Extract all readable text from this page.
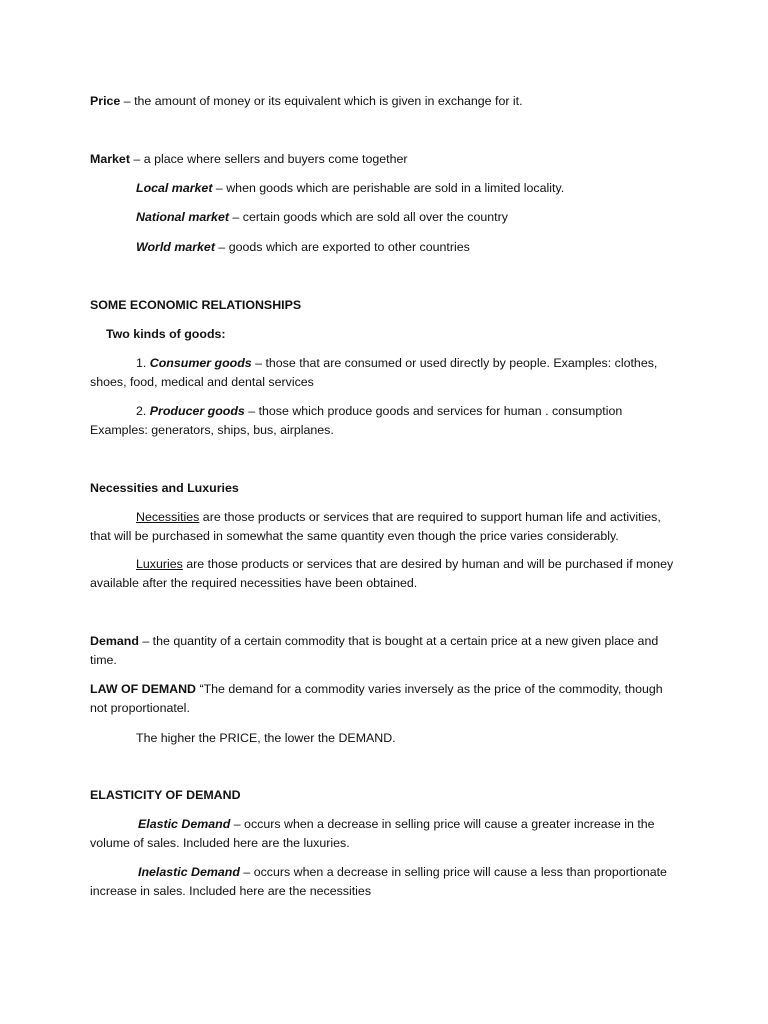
Price – the amount of money or its equivalent which is given in exchange for it.

Market – a place where sellers and buyers come together

Local market – when goods which are perishable are sold in a limited locality.

National market – certain goods which are sold all over the country

World market – goods which are exported to other countries

SOME ECONOMIC RELATIONSHIPS

Two kinds of goods:

1. Consumer goods – those that are consumed or used directly by people. Examples: clothes, shoes, food, medical and dental services

2. Producer goods – those which produce goods and services for human . consumption Examples: generators, ships, bus, airplanes.

Necessities and Luxuries

Necessities are those products or services that are required to support human life and activities, that will be purchased in somewhat the same quantity even though the price varies considerably.

Luxuries are those products or services that are desired by human and will be purchased if money available after the required necessities have been obtained.

Demand – the quantity of a certain commodity that is bought at a certain price at a new given place and time.

LAW OF DEMAND “The demand for a commodity varies inversely as the price of the commodity, though not proportionatel.

The higher the PRICE, the lower the DEMAND.

ELASTICITY OF DEMAND

Elastic Demand – occurs when a decrease in selling price will cause a greater increase in the volume of sales. Included here are the luxuries.

Inelastic Demand – occurs when a decrease in selling price will cause a less than proportionate increase in sales. Included here are the necessities
